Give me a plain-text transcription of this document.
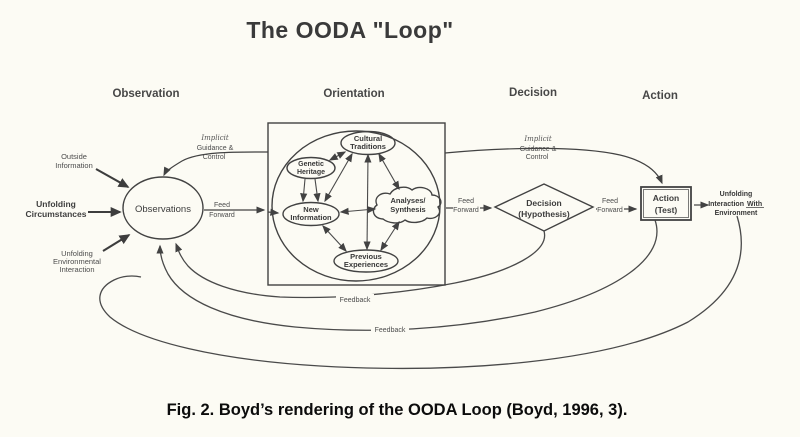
The OODA "Loop"
Observation	Orientation	Decision	Action
Observations
Cultural
Traditions
Genetic
Heritage
New
Information
Analyses/
Synthesis
Previous
Experiences
Decision
(Hypothesis)
Action
(Test)
Outside
Information
Unfolding
Circumstances
Unfolding
Environmental
Interaction
Implicit
Guidance &
Control
Implicit
Guidance &
Control
Feed
Forward
Feed
Forward
Feed
Forward
Feedback
Feedback
Unfolding
Interaction With
Environment
Fig. 2. Boyd’s rendering of the OODA Loop (Boyd, 1996, 3).
